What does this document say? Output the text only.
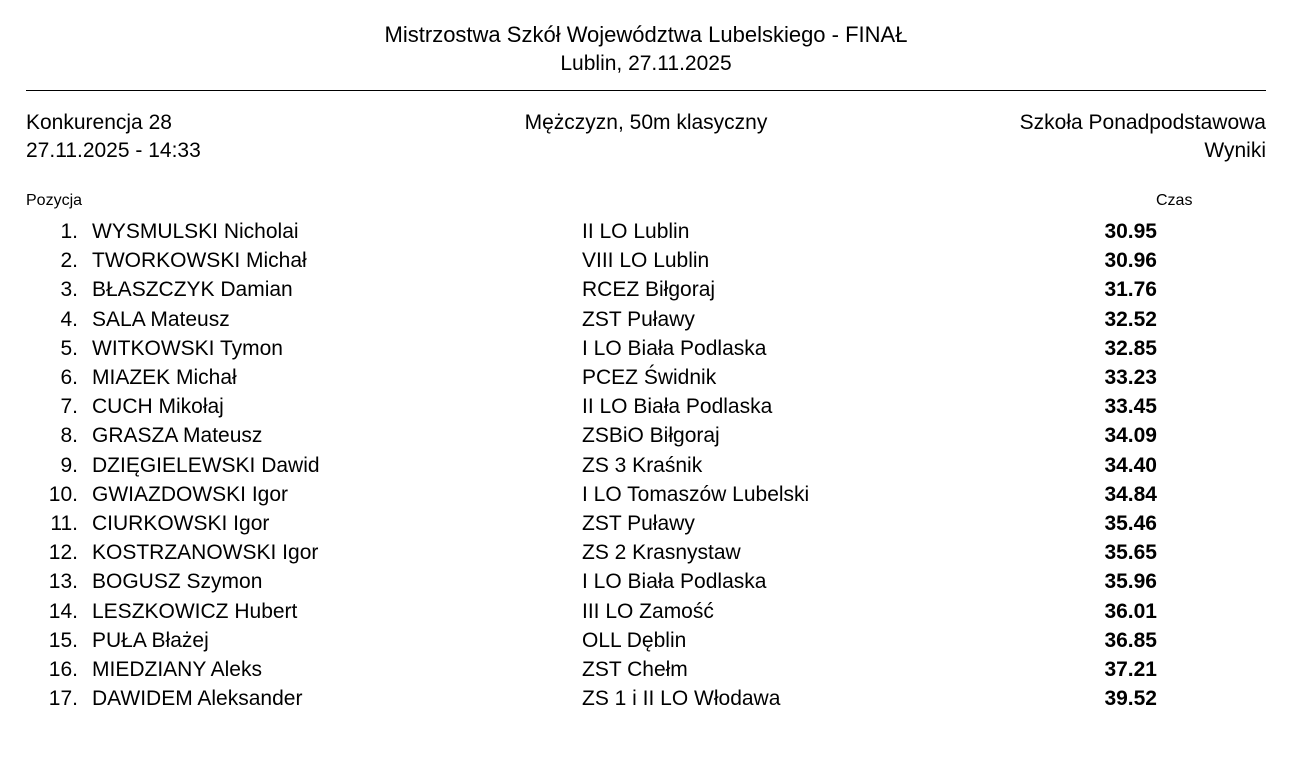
Mistrzostwa Szkół Województwa Lubelskiego - FINAŁ
Lublin, 27.11.2025
Konkurencja 28
27.11.2025 - 14:33
Mężczyzn, 50m klasyczny	Szkoła Ponadpodstawowa
Wyniki
Pozycja	Czas
1. WYSMULSKI Nicholai	II LO Lublin	30.95
2. TWORKOWSKI Michał	VIII LO Lublin	30.96
3. BŁASZCZYK Damian	RCEZ Biłgoraj	31.76
4. SALA Mateusz	ZST Puławy	32.52
5. WITKOWSKI Tymon	I LO Biała Podlaska	32.85
6. MIAZEK Michał	PCEZ Świdnik	33.23
7. CUCH Mikołaj	II LO Biała Podlaska	33.45
8. GRASZA Mateusz	ZSBiO Biłgoraj	34.09
9. DZIĘGIELEWSKI Dawid	ZS 3 Kraśnik	34.40
10. GWIAZDOWSKI Igor	I LO Tomaszów Lubelski	34.84
11. CIURKOWSKI Igor	ZST Puławy	35.46
12. KOSTRZANOWSKI Igor	ZS 2 Krasnystaw	35.65
13. BOGUSZ Szymon	I LO Biała Podlaska	35.96
14. LESZKOWICZ Hubert	III LO Zamość	36.01
15. PUŁA Błażej	OLL Dęblin	36.85
16. MIEDZIANY Aleks	ZST Chełm	37.21
17. DAWIDEM Aleksander	ZS 1 i II LO Włodawa	39.52
